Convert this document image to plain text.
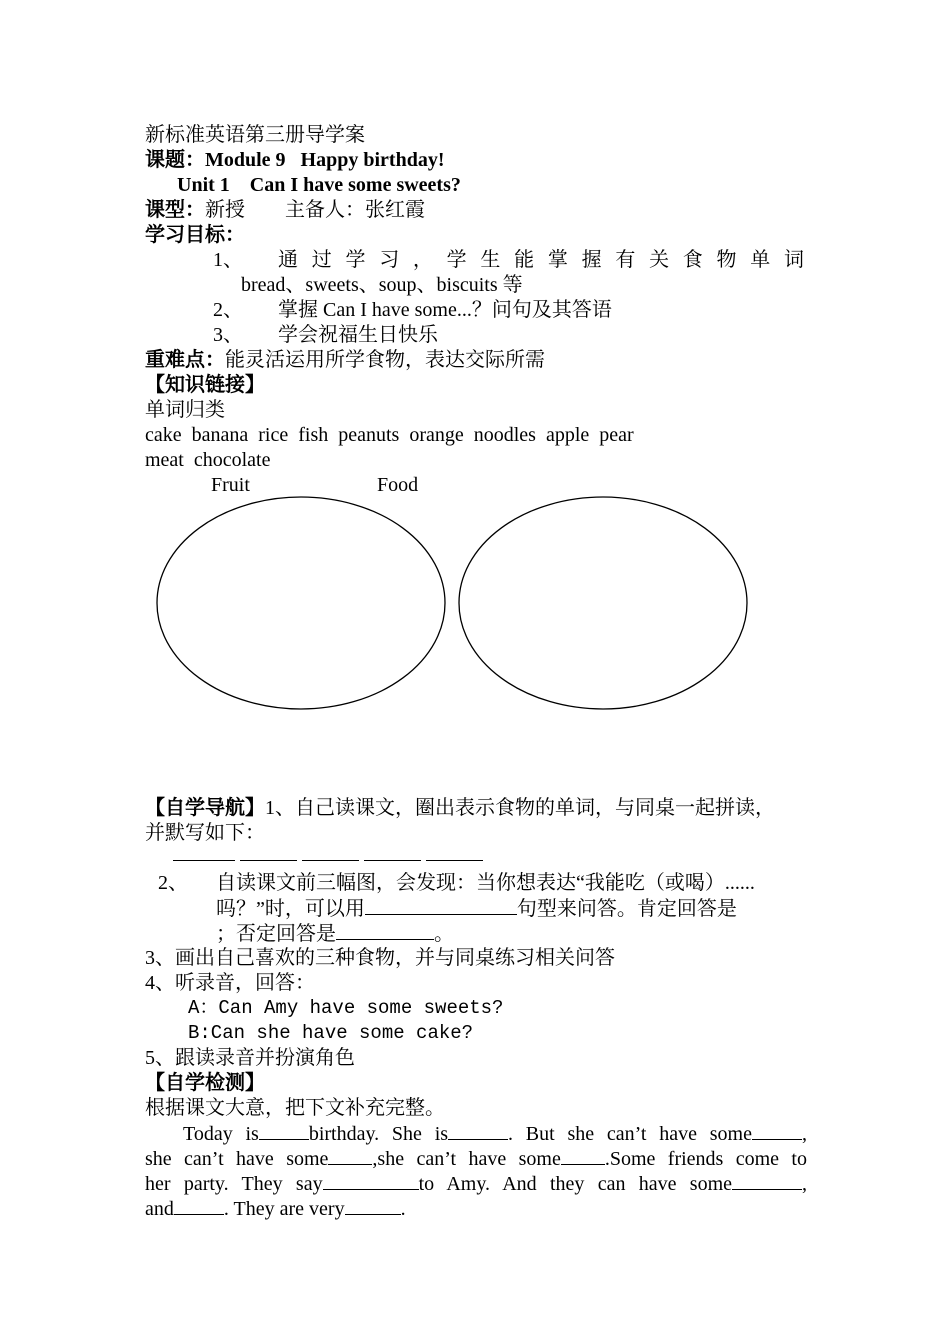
新标准英语第三册导学案
课题：Module 9   Happy birthday!
Unit 1    Can I have some sweets?
课型：新授 主备人：张红霞
学习目标：
1、 通过学习，学生能掌握有关食物单词
bread、sweets、soup、biscuits 等
2、 掌握 Can I have some...？问句及其答语
3、 学会祝福生日快乐
重难点：能灵活运用所学食物，表达交际所需
【知识链接】
单词归类
cake  banana  rice  fish  peanuts  orange  noodles  apple  pear
meat  chocolate
Fruit	Food
【自学导航】1、自己读课文，圈出表示食物的单词，与同桌一起拼读，
并默写如下：

2、 自读课文前三幅图，会发现：当你想表达“我能吃（或喝）......
吗？”时，可以用	句型来问答。肯定回答是
；否定回答是	。
3、画出自己喜欢的三种食物，并与同桌练习相关问答
4、听录音，回答：
A：Can Amy have some sweets?
B:Can she have some cake?
5、跟读录音并扮演角色
【自学检测】
根据课文大意，把下文补充完整。
Today is	birthday. She is	. But she can’t have some	,
she can’t have some ,she can’t have some .Some friends come to
her party. They say	to Amy. And they can have some	,
and	. They are very	.
